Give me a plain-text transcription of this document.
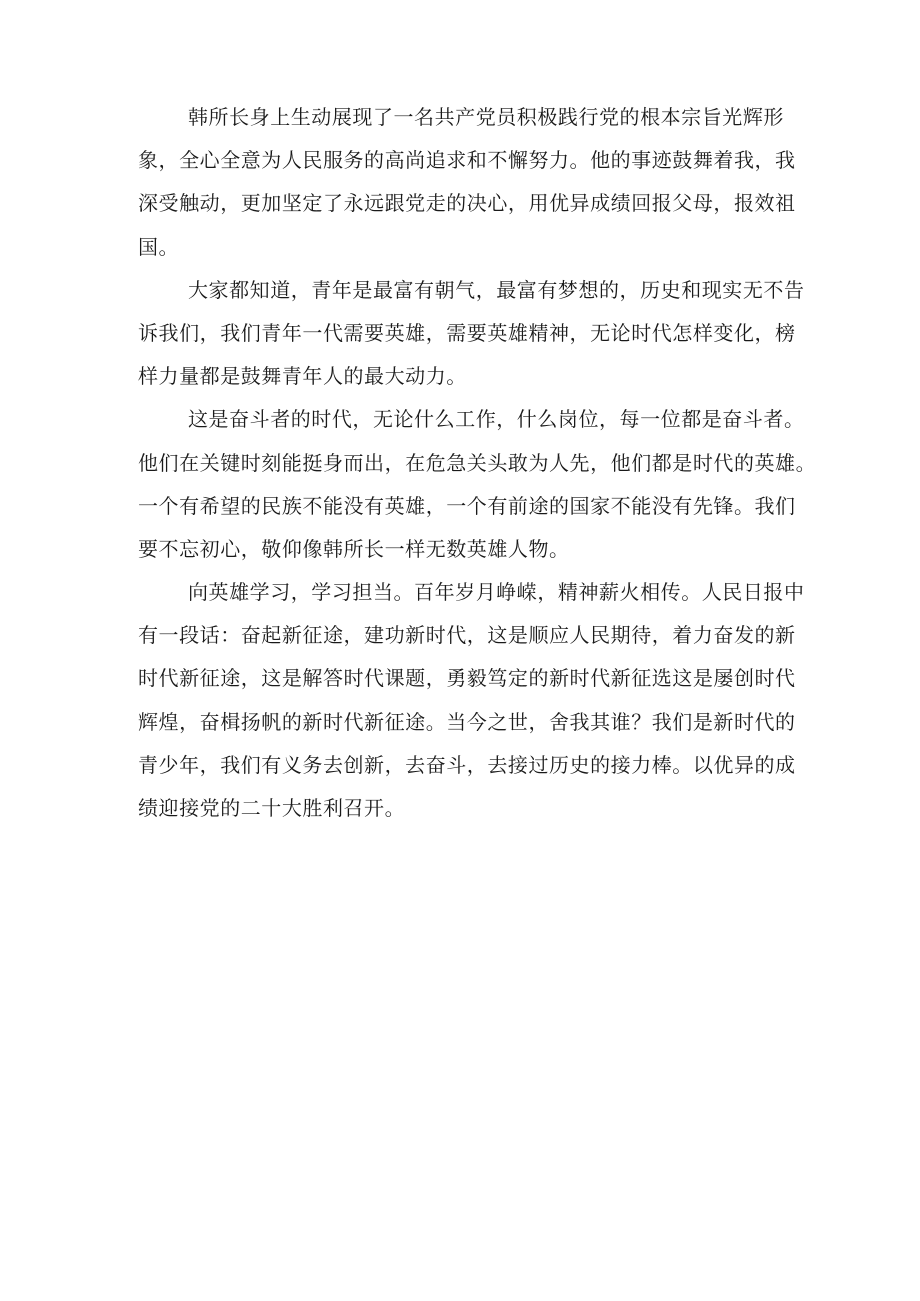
韩所长身上生动展现了一名共产党员积极践行党的根本宗旨光辉形
象，全心全意为人民服务的高尚追求和不懈努力。他的事迹鼓舞着我，我
深受触动，更加坚定了永远跟党走的决心，用优异成绩回报父母，报效祖
国。
大家都知道，青年是最富有朝气，最富有梦想的，历史和现实无不告
诉我们，我们青年一代需要英雄，需要英雄精神，无论时代怎样变化，榜
样力量都是鼓舞青年人的最大动力。
这是奋斗者的时代，无论什么工作，什么岗位，每一位都是奋斗者。
他们在关键时刻能挺身而出，在危急关头敢为人先，他们都是时代的英雄。
一个有希望的民族不能没有英雄，一个有前途的国家不能没有先锋。我们
要不忘初心，敬仰像韩所长一样无数英雄人物。
向英雄学习，学习担当。百年岁月峥嵘，精神薪火相传。人民日报中
有一段话：奋起新征途，建功新时代，这是顺应人民期待，着力奋发的新
时代新征途，这是解答时代课题，勇毅笃定的新时代新征选这是屡创时代
辉煌，奋楫扬帆的新时代新征途。当今之世，舍我其谁？我们是新时代的
青少年，我们有义务去创新，去奋斗，去接过历史的接力棒。以优异的成
绩迎接党的二十大胜利召开。
